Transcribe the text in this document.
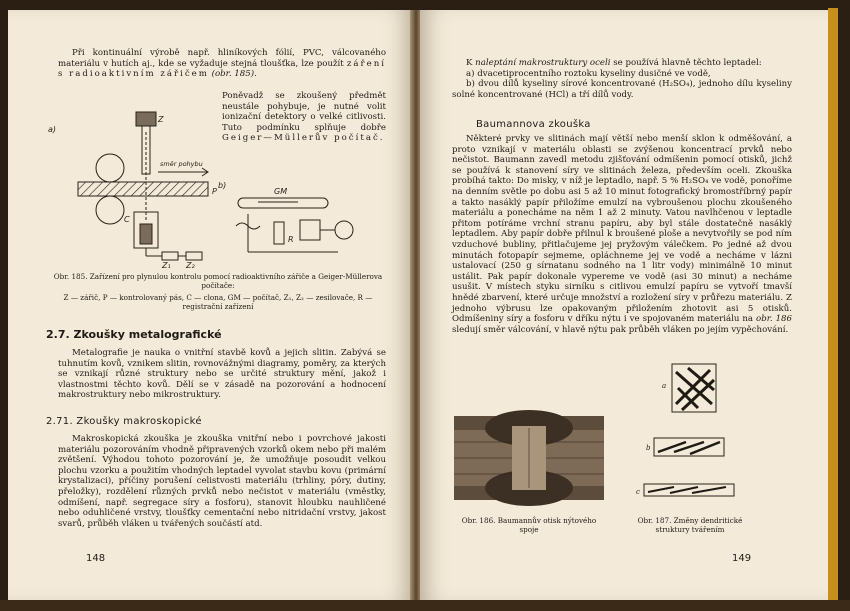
Při kontinuální výrobě např. hliníkových fólií, PVC, válcovaného materiálu v hutích aj., kde se vyžaduje stejná tloušťka, lze použít záření s radioaktivním zářičem (obr. 185).

Poněvadž se zkoušený předmět neustále pohybuje, je nutné volit ionizační detektory o velké citlivosti. Tuto podmínku splňuje dobře Geiger—Müllerův počítač.

a)
b)
Z
směr pohybu
P
C
GM
R
Z₁ Z₂

Obr. 185. Zařízení pro plynulou kontrolu pomocí radioaktivního zářiče a Geiger-Müllerova počítače:

Z — zářič, P — kontrolovaný pás, C — clona, GM — počítač, Z₁, Z₂ — zesilovače, R — registrační zařízení

2.7. Zkoušky metalografické

Metalografie je nauka o vnitřní stavbě kovů a jejich slitin. Zabývá se tuhnutím kovů, vznikem slitin, rovnovážnými diagramy, poměry, za kterých se vznikají různé struktury nebo se určité struktury mění, jakož i vlastnostmi těchto kovů. Dělí se v zásadě na pozorování a hodnocení makrostruktury nebo mikrostruktury.

2.71. Zkoušky makroskopické

Makroskopická zkouška je zkouška vnitřní nebo i povrchové jakosti materiálu pozorováním vhodně připravených vzorků okem nebo při malém zvětšení. Výhodou tohoto pozorování je, že umožňuje posoudit velkou plochu vzorku a použitím vhodných leptadel vyvolat stavbu kovu (primární krystalizaci), příčiny porušení celistvosti materiálu (trhliny, póry, dutiny, přeložky), rozdělení různých prvků nebo nečistot v materiálu (vměstky, odmíšení, např. segregace síry a fosforu), stanovit hloubku nauhličené nebo oduhličené vrstvy, tloušťky cementační nebo nitridační vrstvy, jakost svarů, průběh vláken u tvářených součástí atd.

148

K naleptání makrostruktury oceli se používá hlavně těchto leptadel:

a) dvacetiprocentního roztoku kyseliny dusičné ve vodě,

b) dvou dílů kyseliny sírové koncentrované (H₂SO₄), jednoho dílu kyseliny solné koncentrované (HCl) a tří dílů vody.

Baumannova zkouška

Některé prvky ve slitinách mají větší nebo menší sklon k odměšování, a proto vznikají v materiálu oblasti se zvýšenou koncentrací prvků nebo nečistot. Baumann zavedl metodu zjišťování odmíšenin pomocí otisků, jichž se používá k stanovení síry ve slitinách železa, především oceli. Zkouška probíhá takto: Do misky, v níž je leptadlo, např. 5 % H₂SO₄ ve vodě, ponoříme na denním světle po dobu asi 5 až 10 minut fotografický bromostříbrný papír a takto nasáklý papír přiložíme emulzí na vybroušenou plochu zkoušeného materiálu a ponecháme na něm 1 až 2 minuty. Vatou navlhčenou v leptadle přitom potíráme vrchní stranu papíru, aby byl stále dostatečně nasáklý leptadlem. Aby papír dobře přilnul k broušené ploše a nevytvořily se pod ním vzduchové bubliny, přitlačujeme jej pryžovým válečkem. Po jedné až dvou minutách fotopapír sejmeme, opláchneme jej ve vodě a necháme v lázni ustalovací (250 g sírnatanu sodného na 1 litr vody) minimálně 10 minut ustálit. Pak papír dokonale vypereme ve vodě (asi 30 minut) a necháme usušit. V místech styku sirníku s citlivou emulzí papíru se vytvoří tmavší hnědé zbarvení, které určuje množství a rozložení síry v průřezu materiálu. Z jednoho výbrusu lze opakovaným přiložením zhotovit asi 5 otisků. Odmíšeniny síry a fosforu v dříku nýtu i ve spojovaném materiálu na obr. 186 sledují směr válcování, v hlavě nýtu pak průběh vláken po jejím vypěchování.

a
b
c

Obr. 186. Baumannův otisk nýtového spoje

Obr. 187. Změny dendritické struktury tvářením

149
